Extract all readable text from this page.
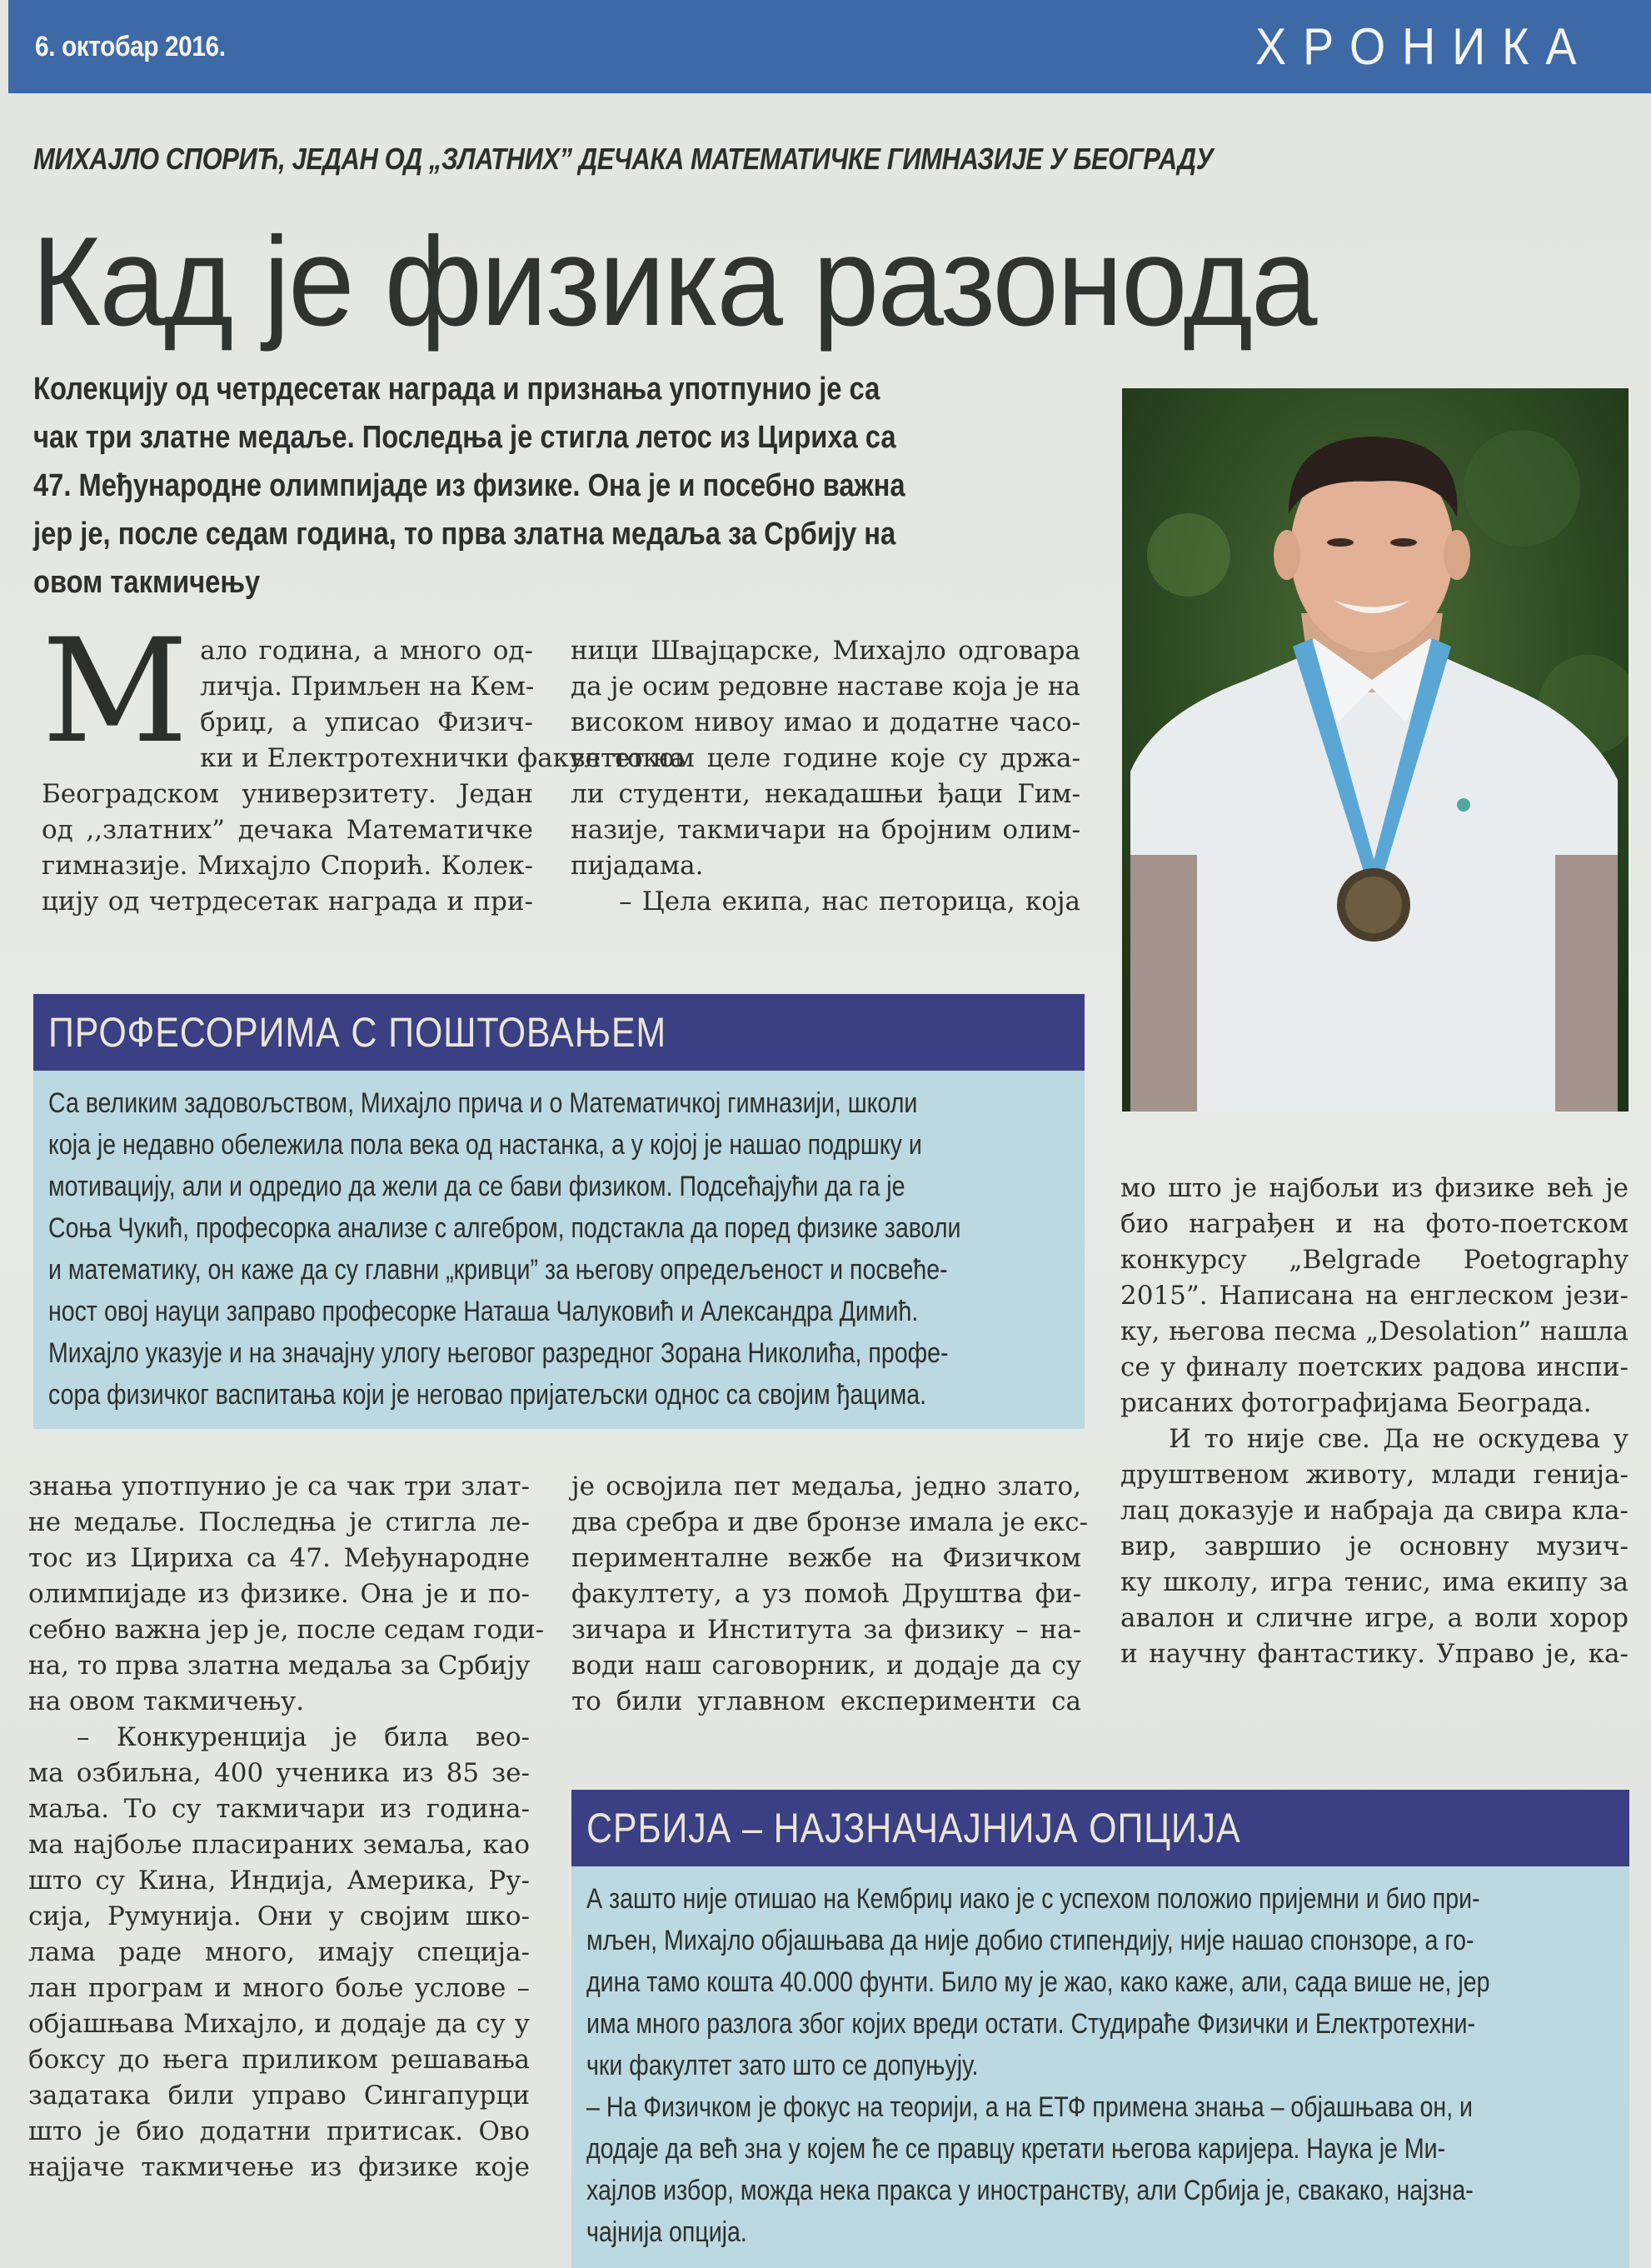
6. октобар 2016.	ХРОНИКА
МИХАЈЛО СПОРИЋ, ЈЕДАН ОД „ЗЛАТНИХ” ДЕЧАКА МАТЕМАТИЧКЕ ГИМНАЗИЈЕ У БЕОГРАДУ
Кад је физика разонода

Колекцију од четрдесетак награда и признања употпунио је са

чак три златне медаље. Последња је стигла летос из Цириха са

47. Међународне олимпијаде из физике. Она је и посебно важна

јер је, после седам година, то прва златна медаља за Србију на

овом такмичењу

М ало година, а много од-
личја. Примљен на Кем-
бриџ, а уписао Физич-
ки и Електротехнички факултет на
Београдском универзитету. Један
од ,,златних” дечака Математичке
гимназије. Михајло Спорић. Колек-
цију од четрдесетак награда и при-
ници Швајцарске, Михајло одговара
да је осим редовне наставе која је на
високом нивоу имао и додатне часо-
ве током целе године које су држа-
ли студенти, некадашњи ђаци Гим-
назије, такмичари на бројним олим-
пијадама.
– Цела екипа, нас петорица, која
ПРОФЕСОРИМА С ПОШТОВАЊЕМ
Са великим задовољством, Михајло прича и о Математичкој гимназији, школи
која је недавно обележила пола века од настанка, а у којој је нашао подршку и
мотивацију, али и одредио да жели да се бави физиком. Подсећајући да га је
Соња Чукић, професорка анализе с алгебром, подстакла да поред физике заволи
и математику, он каже да су главни „кривци” за његову опредељеност и посвеће-
ност овој науци заправо професорке Наташа Чалуковић и Александра Димић.
Михајло указује и на значајну улогу његовог разредног Зорана Николића, профе-
сора физичког васпитања који је неговао пријатељски однос са својим ђацима.
мо што је најбољи из физике већ је
био награђен и на фото-поетском
конкурсу „Belgrade Poetography
2015”. Написана на енглеском јези-
ку, његова песма „Desolation” нашла
се у финалу поетских радова инспи-
рисаних фотографијама Београда.
И то није све. Да не оскудева у
друштвеном животу, млади генија-
лац доказује и набраја да свира кла-
вир, завршио је основну музич-
ку школу, игра тенис, има екипу за
авалон и сличне игре, а воли хорор
и научну фантастику. Управо је, ка-
знања употпунио је са чак три злат-
не медаље. Последња је стигла ле-
тос из Цириха са 47. Међународне
олимпијаде из физике. Она је и по-
себно важна јер је, после седам годи-
на, то прва златна медаља за Србију
на овом такмичењу.
– Конкуренција је била вео-
ма озбиљна, 400 ученика из 85 зе-
маља. То су такмичари из година-
ма најбоље пласираних земаља, као
што су Кина, Индија, Америка, Ру-
сија, Румунија. Они у својим шко-
лама раде много, имају специја-
лан програм и много боље услове –
објашњава Михајло, и додаје да су у
боксу до њега приликом решавања
задатака били управо Сингапурци
што је био додатни притисак. Ово
најјаче такмичење из физике које
је освојила пет медаља, једно злато,
два сребра и две бронзе имала је екс-
перименталне вежбе на Физичком
факултету, а уз помоћ Друштва фи-
зичара и Института за физику – на-
води наш саговорник, и додаје да су
то били углавном експерименти са
СРБИЈА – НАЈЗНАЧАЈНИЈА ОПЦИЈА
А зашто није отишао на Кембриџ иако је с успехом положио пријемни и био при-
мљен, Михајло објашњава да није добио стипендију, није нашао спонзоре, а го-
дина тамо кошта 40.000 фунти. Било му је жао, како каже, али, сада више не, јер
има много разлога због којих вреди остати. Студираће Физички и Електротехни-
чки факултет зато што се допуњују.
– На Физичком је фокус на теорији, а на ЕТФ примена знања – објашњава он, и
додаје да већ зна у којем ће се правцу кретати његова каријера. Наука је Ми-
хајлов избор, можда нека пракса у иностранству, али Србија је, свакако, најзна-
чајнија опција.
